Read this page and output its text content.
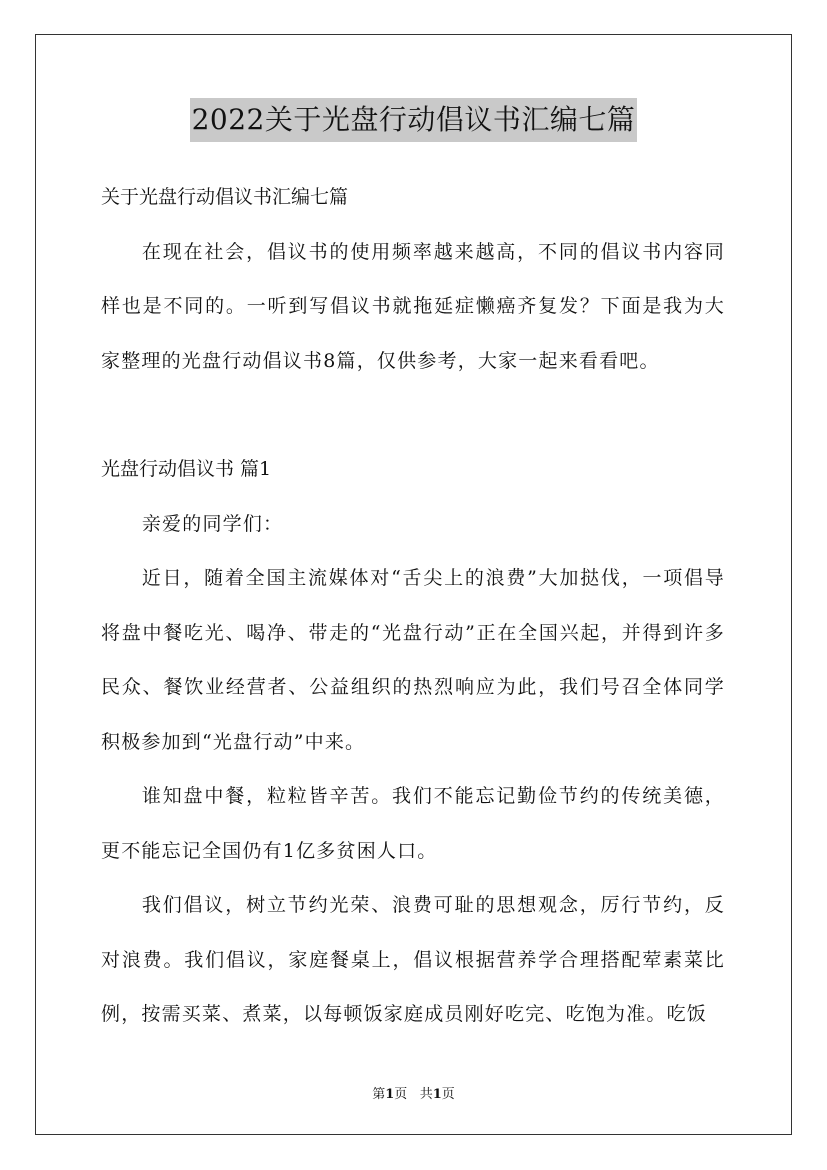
2022关于光盘行动倡议书汇编七篇

关于光盘行动倡议书汇编七篇

在现在社会，倡议书的使用频率越来越高，不同的倡议书内容同样也是不同的。一听到写倡议书就拖延症懒癌齐复发？下面是我为大家整理的光盘行动倡议书8篇，仅供参考，大家一起来看看吧。

光盘行动倡议书 篇1

亲爱的同学们：

近日，随着全国主流媒体对“舌尖上的浪费”大加挞伐，一项倡导将盘中餐吃光、喝净、带走的“光盘行动”正在全国兴起，并得到许多民众、餐饮业经营者、公益组织的热烈响应为此，我们号召全体同学积极参加到“光盘行动”中来。

谁知盘中餐，粒粒皆辛苦。我们不能忘记勤俭节约的传统美德，更不能忘记全国仍有1亿多贫困人口。

我们倡议，树立节约光荣、浪费可耻的思想观念，厉行节约，反对浪费。我们倡议，家庭餐桌上，倡议根据营养学合理搭配荤素菜比例，按需买菜、煮菜，以每顿饭家庭成员刚好吃完、吃饱为准。吃饭

第1页   共1页
